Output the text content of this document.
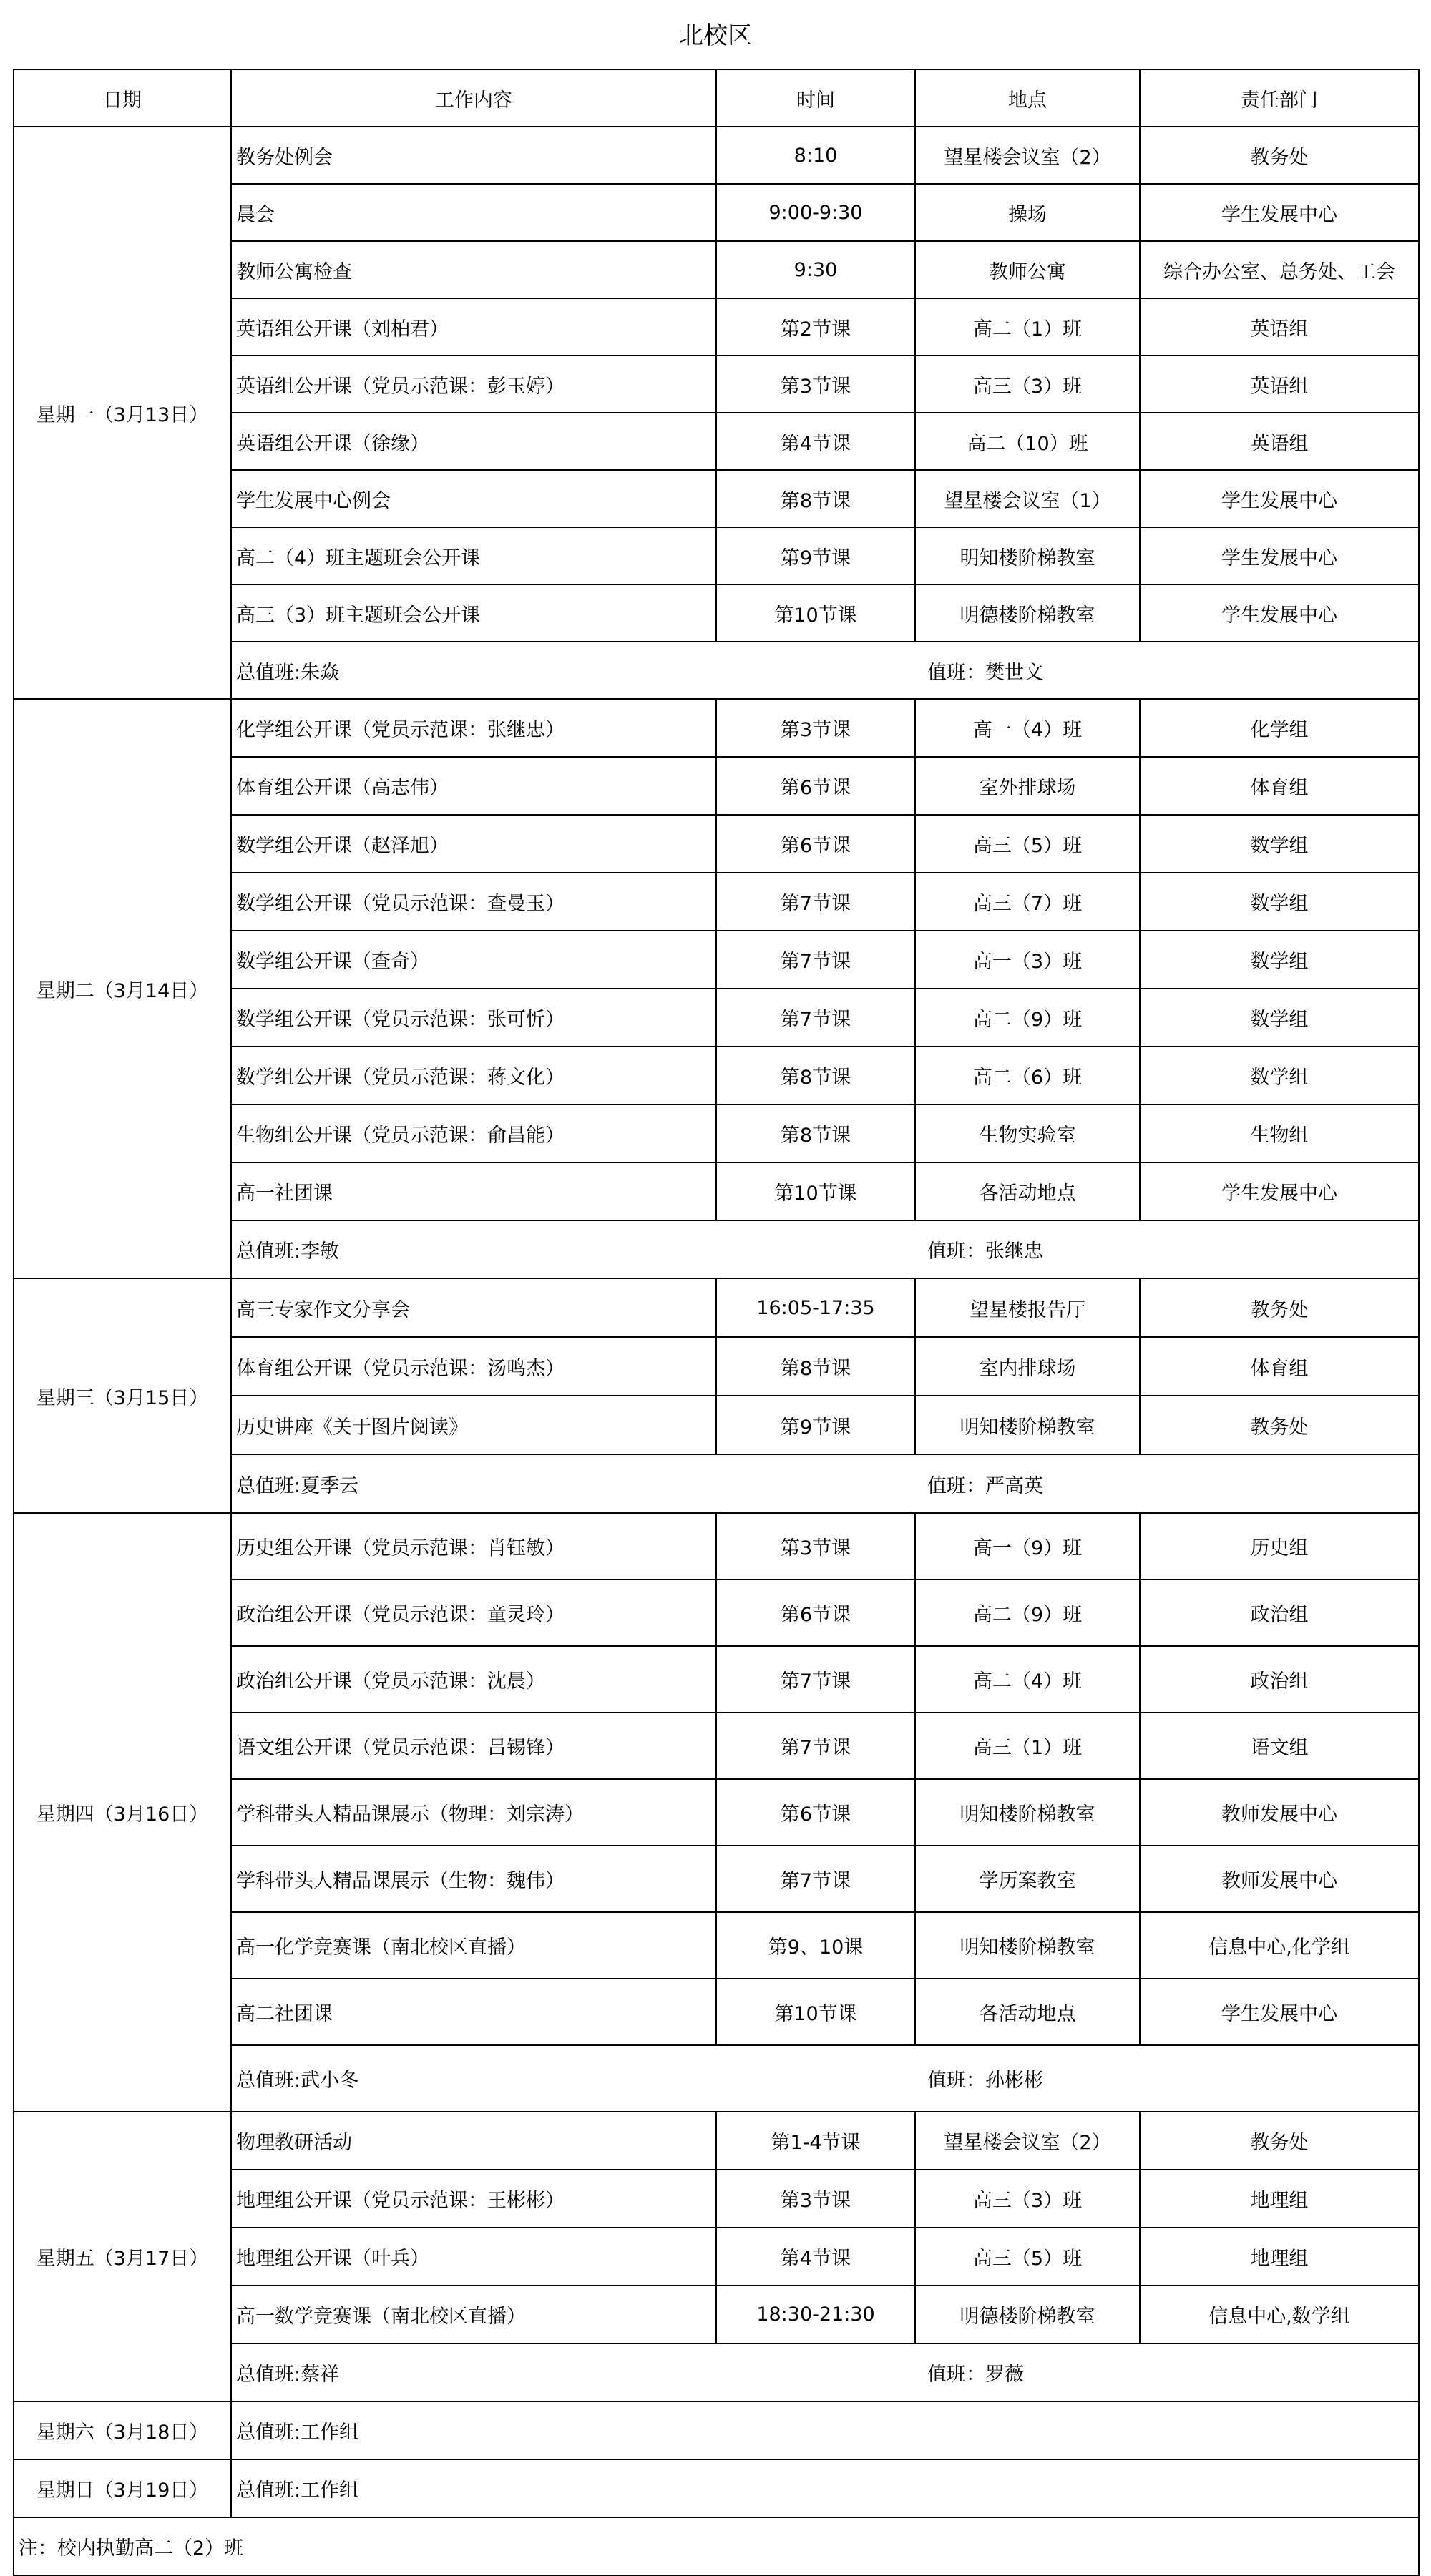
北校区
日期	工作内容	时间	地点	责任部门
星期一（3月13日）	教务处例会	8:10	望星楼会议室（2）	教务处
	晨会	9:00-9:30	操场	学生发展中心
	教师公寓检查	9:30	教师公寓	综合办公室、总务处、工会
	英语组公开课（刘柏君）	第2节课	高二（1）班	英语组
	英语组公开课（党员示范课：彭玉婷）	第3节课	高三（3）班	英语组
	英语组公开课（徐缘）	第4节课	高二（10）班	英语组
	学生发展中心例会	第8节课	望星楼会议室（1）	学生发展中心
	高二（4）班主题班会公开课	第9节课	明知楼阶梯教室	学生发展中心
	高三（3）班主题班会公开课	第10节课	明德楼阶梯教室	学生发展中心

	总值班:朱焱 值班：樊世文			

星期二（3月14日）	化学组公开课（党员示范课：张继忠）	第3节课	高一（4）班	化学组
	体育组公开课（高志伟）	第6节课	室外排球场	体育组
	数学组公开课（赵泽旭）	第6节课	高三（5）班	数学组
	数学组公开课（党员示范课：查曼玉）	第7节课	高三（7）班	数学组
	数学组公开课（查奇）	第7节课	高一（3）班	数学组
	数学组公开课（党员示范课：张可忻）	第7节课	高二（9）班	数学组
	数学组公开课（党员示范课：蒋文化）	第8节课	高二（6）班	数学组
	生物组公开课（党员示范课：俞昌能）	第8节课	生物实验室	生物组
	高一社团课	第10节课	各活动地点	学生发展中心

	总值班:李敏 值班：张继忠			

星期三（3月15日）	高三专家作文分享会	16:05-17:35	望星楼报告厅	教务处
	体育组公开课（党员示范课：汤鸣杰）	第8节课	室内排球场	体育组
	历史讲座《关于图片阅读》	第9节课	明知楼阶梯教室	教务处

	总值班:夏季云 值班：严高英			

星期四（3月16日）	历史组公开课（党员示范课：肖钰敏）	第3节课	高一（9）班	历史组
	政治组公开课（党员示范课：童灵玲）	第6节课	高二（9）班	政治组
	政治组公开课（党员示范课：沈晨）	第7节课	高二（4）班	政治组
	语文组公开课（党员示范课：吕锡锋）	第7节课	高三（1）班	语文组
	学科带头人精品课展示（物理：刘宗涛）	第6节课	明知楼阶梯教室	教师发展中心
	学科带头人精品课展示（生物：魏伟）	第7节课	学历案教室	教师发展中心
	高一化学竞赛课（南北校区直播）	第9、10课	明知楼阶梯教室	信息中心,化学组
	高二社团课	第10节课	各活动地点	学生发展中心

	总值班:武小冬 值班：孙彬彬			

星期五（3月17日）	物理教研活动	第1-4节课	望星楼会议室（2）	教务处
	地理组公开课（党员示范课：王彬彬）	第3节课	高三（3）班	地理组
	地理组公开课（叶兵）	第4节课	高三（5）班	地理组
	高一数学竞赛课（南北校区直播）	18:30-21:30	明德楼阶梯教室	信息中心,数学组

	总值班:蔡祥 值班：罗薇			

星期六（3月18日）	总值班:工作组			
星期日（3月19日）	总值班:工作组			
注：校内执勤高二（2）班				
